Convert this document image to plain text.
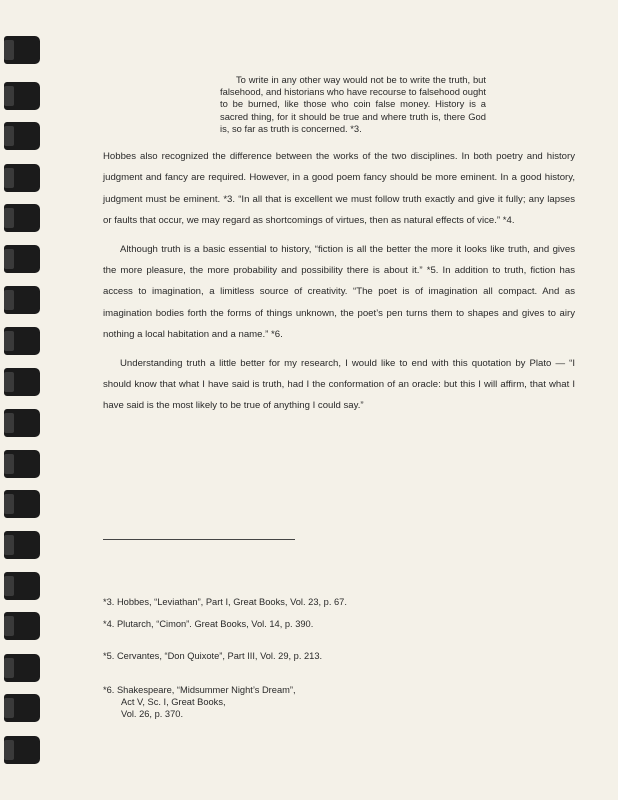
To write in any other way would not be to write the truth, but falsehood, and historians who have recourse to falsehood ought to be burned, like those who coin false money. History is a sacred thing, for it should be true and where truth is, there God is, so far as truth is concerned. *3.

Hobbes also recognized the difference between the works of the two disciplines. In both poetry and history judgment and fancy are required. However, in a good poem fancy should be more eminent. In a good history, judgment must be eminent. *3. “In all that is excellent we must follow truth exactly and give it fully; any lapses or faults that occur, we may regard as shortcomings of virtues, then as natural effects of vice.” *4.

Although truth is a basic essential to history, “fiction is all the better the more it looks like truth, and gives the more pleasure, the more probability and possibility there is about it.” *5. In addition to truth, fiction has access to imagination, a limitless source of creativity. “The poet is of imagination all compact. And as imagination bodies forth the forms of things unknown, the poet’s pen turns them to shapes and gives to airy nothing a local habitation and a name.” *6.

Understanding truth a little better for my research, I would like to end with this quotation by Plato — “I should know that what I have said is truth, had I the conformation of an oracle: but this I will affirm, that what I have said is the most likely to be true of anything I could say.”

*3. Hobbes, “Leviathan”, Part I, Great Books, Vol. 23, p. 67.

*4. Plutarch, “Cimon”. Great Books, Vol. 14, p. 390.

*5. Cervantes, “Don Quixote”, Part III, Vol. 29, p. 213.

*6. Shakespeare, “Midsummer Night’s Dream”,
Act V, Sc. I, Great Books,
Vol. 26, p. 370.
